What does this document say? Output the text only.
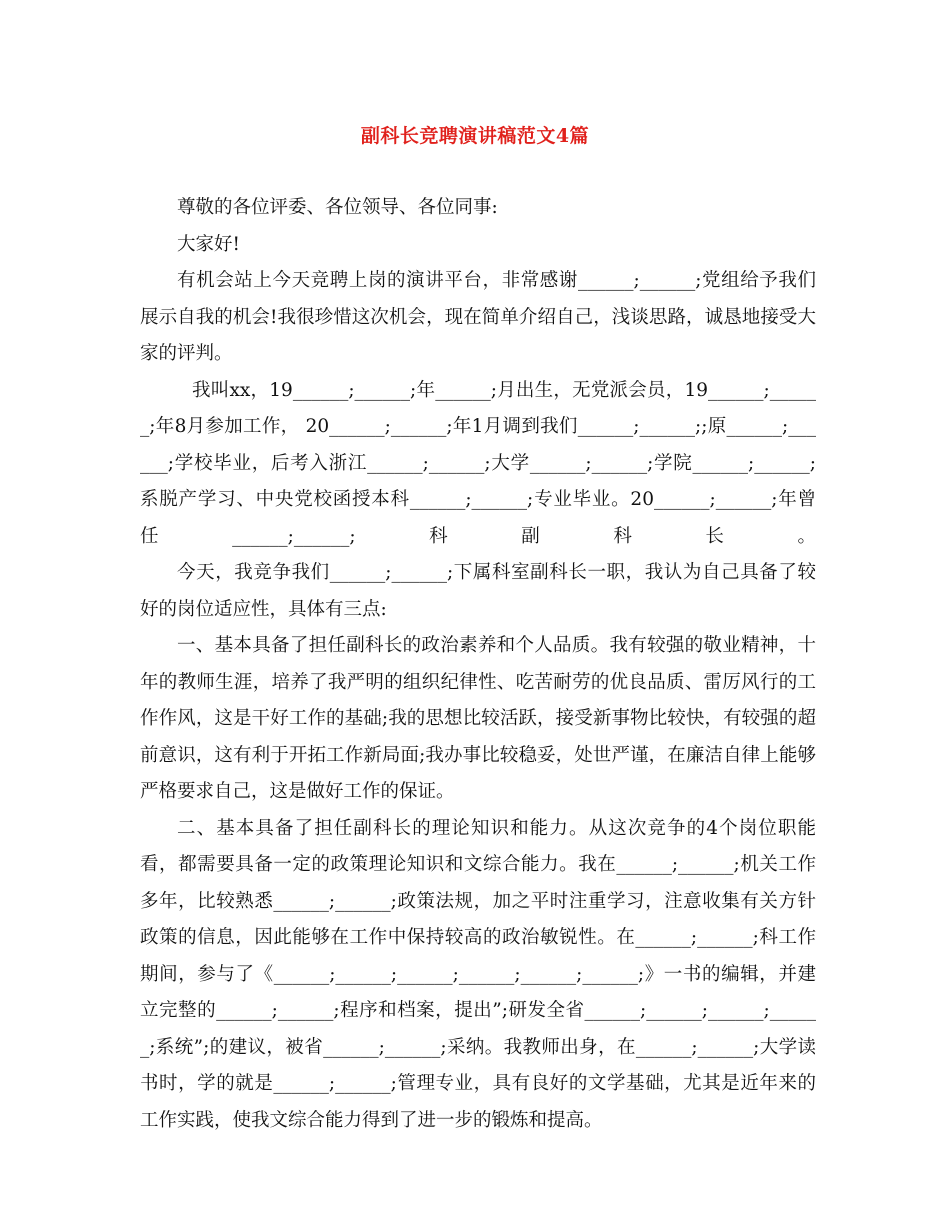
副科长竞聘演讲稿范文4篇

尊敬的各位评委、各位领导、各位同事:

大家好!

有机会站上今天竞聘上岗的演讲平台，非常感谢______;______;党组给予我们展示自我的机会!我很珍惜这次机会，现在简单介绍自己，浅谈思路，诚恳地接受大家的评判。

我叫xx，19______;______;年______;月出生，无党派会员，19______;______;年8月参加工作， 20______;______;年1月调到我们______;______;;原______;______;学校毕业，后考入浙江______;______;大学______;______;学院______;______;系脱产学习、中央党校函授本科______;______;专业毕业。20______;______;年曾任______;______;科副科长。

今天，我竞争我们______;______;下属科室副科长一职，我认为自己具备了较好的岗位适应性，具体有三点:

一、基本具备了担任副科长的政治素养和个人品质。我有较强的敬业精神，十年的教师生涯，培养了我严明的组织纪律性、吃苦耐劳的优良品质、雷厉风行的工作作风，这是干好工作的基础;我的思想比较活跃，接受新事物比较快，有较强的超前意识，这有利于开拓工作新局面;我办事比较稳妥，处世严谨，在廉洁自律上能够严格要求自己，这是做好工作的保证。

二、基本具备了担任副科长的理论知识和能力。从这次竞争的4个岗位职能看，都需要具备一定的政策理论知识和文综合能力。我在______;______;机关工作多年，比较熟悉______;______;政策法规，加之平时注重学习，注意收集有关方针政策的信息，因此能够在工作中保持较高的政治敏锐性。在______;______;科工作期间，参与了《______;______;______;______;______;______;》一书的编辑，并建立完整的______;______;程序和档案，提出”;研发全省______;______;______;______;系统”;的建议，被省______;______;采纳。我教师出身，在______;______;大学读书时，学的就是______;______;管理专业，具有良好的文学基础，尤其是近年来的工作实践，使我文综合能力得到了进一步的锻炼和提高。
